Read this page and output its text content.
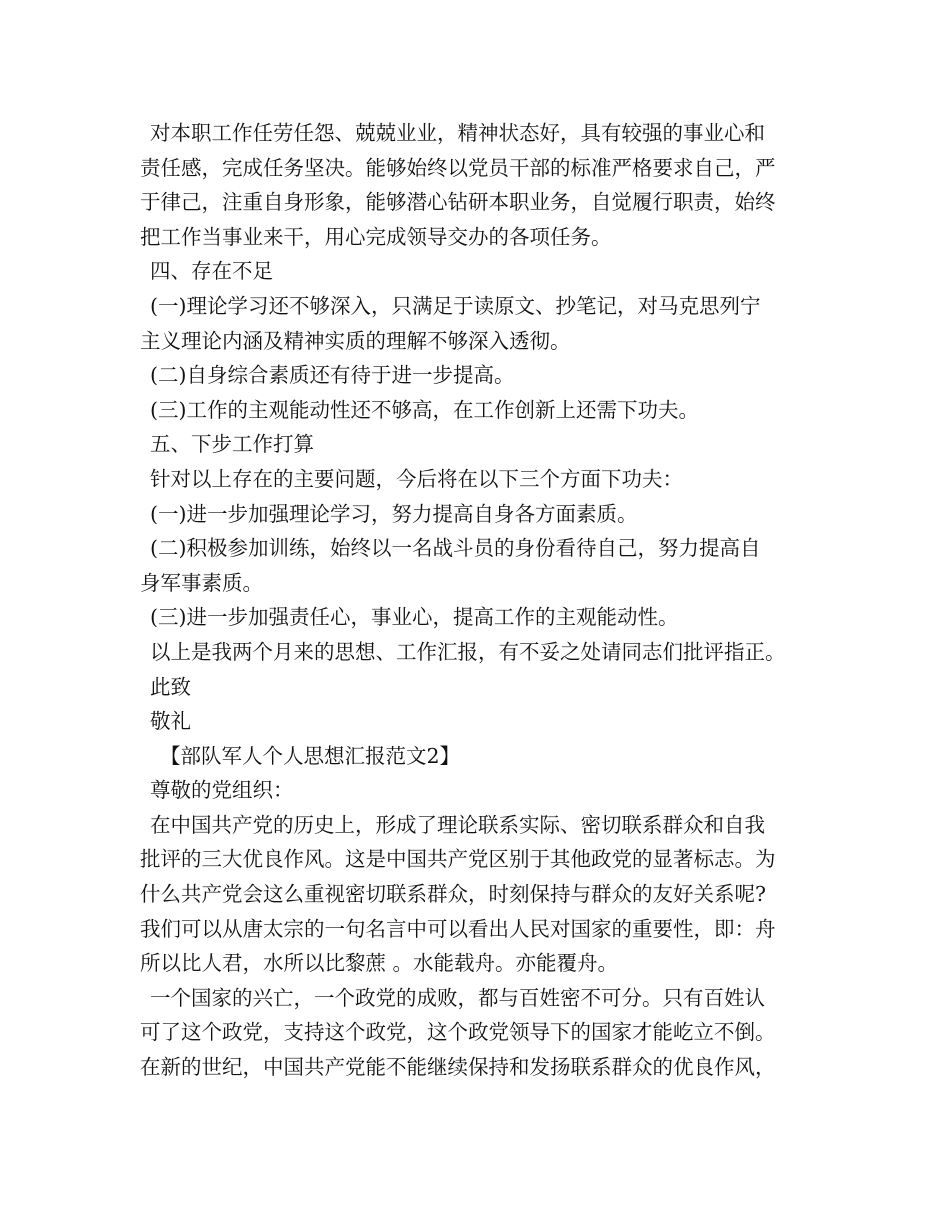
对本职工作任劳任怨、兢兢业业，精神状态好，具有较强的事业心和

责任感，完成任务坚决。能够始终以党员干部的标准严格要求自己，严

于律己，注重自身形象，能够潜心钻研本职业务，自觉履行职责，始终

把工作当事业来干，用心完成领导交办的各项任务。

四、存在不足

(一)理论学习还不够深入，只满足于读原文、抄笔记，对马克思列宁

主义理论内涵及精神实质的理解不够深入透彻。

(二)自身综合素质还有待于进一步提高。

(三)工作的主观能动性还不够高，在工作创新上还需下功夫。

五、下步工作打算

针对以上存在的主要问题，今后将在以下三个方面下功夫：

(一)进一步加强理论学习，努力提高自身各方面素质。

(二)积极参加训练，始终以一名战斗员的身份看待自己，努力提高自

身军事素质。

(三)进一步加强责任心，事业心，提高工作的主观能动性。

以上是我两个月来的思想、工作汇报，有不妥之处请同志们批评指正。

此致

敬礼

【部队军人个人思想汇报范文2】

尊敬的党组织：

在中国共产党的历史上，形成了理论联系实际、密切联系群众和自我

批评的三大优良作风。这是中国共产党区别于其他政党的显著标志。为

什么共产党会这么重视密切联系群众，时刻保持与群众的友好关系呢?

我们可以从唐太宗的一句名言中可以看出人民对国家的重要性，即：舟

所以比人君，水所以比黎蔗 。水能载舟。亦能覆舟。

一个国家的兴亡，一个政党的成败，都与百姓密不可分。只有百姓认

可了这个政党，支持这个政党，这个政党领导下的国家才能屹立不倒。

在新的世纪，中国共产党能不能继续保持和发扬联系群众的优良作风，
